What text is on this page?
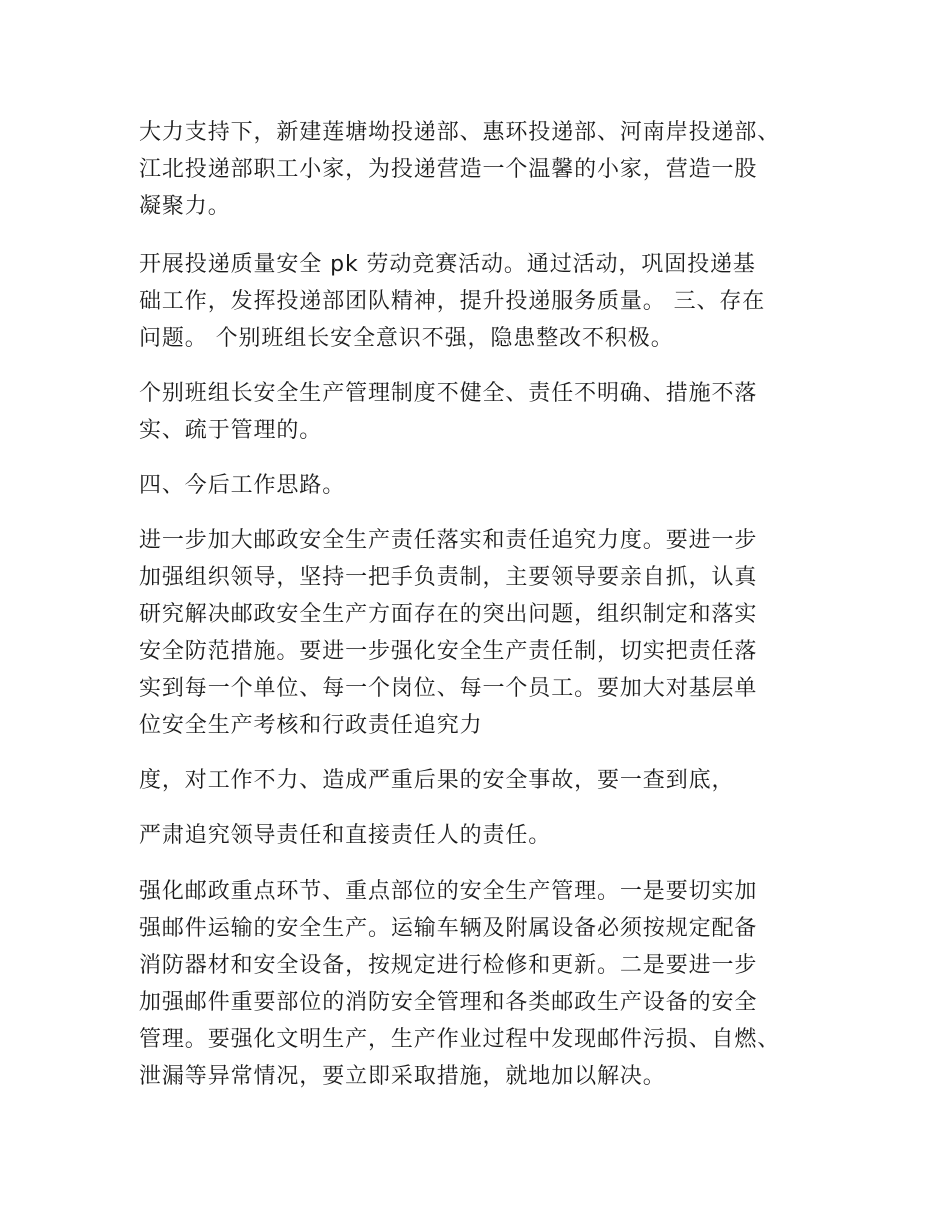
大力支持下，新建莲塘坳投递部、惠环投递部、河南岸投递部、
江北投递部职工小家，为投递营造一个温馨的小家，营造一股
凝聚力。

开展投递质量安全 pk 劳动竞赛活动。通过活动，巩固投递基
础工作，发挥投递部团队精神，提升投递服务质量。 三、存在
问题。 个别班组长安全意识不强，隐患整改不积极。

个别班组长安全生产管理制度不健全、责任不明确、措施不落
实、疏于管理的。

四、今后工作思路。

进一步加大邮政安全生产责任落实和责任追究力度。要进一步
加强组织领导，坚持一把手负责制，主要领导要亲自抓，认真
研究解决邮政安全生产方面存在的突出问题，组织制定和落实
安全防范措施。要进一步强化安全生产责任制，切实把责任落
实到每一个单位、每一个岗位、每一个员工。要加大对基层单
位安全生产考核和行政责任追究力

度，对工作不力、造成严重后果的安全事故，要一查到底，

严肃追究领导责任和直接责任人的责任。

强化邮政重点环节、重点部位的安全生产管理。一是要切实加
强邮件运输的安全生产。运输车辆及附属设备必须按规定配备
消防器材和安全设备，按规定进行检修和更新。二是要进一步
加强邮件重要部位的消防安全管理和各类邮政生产设备的安全
管理。要强化文明生产，生产作业过程中发现邮件污损、自燃、
泄漏等异常情况，要立即采取措施，就地加以解决。
